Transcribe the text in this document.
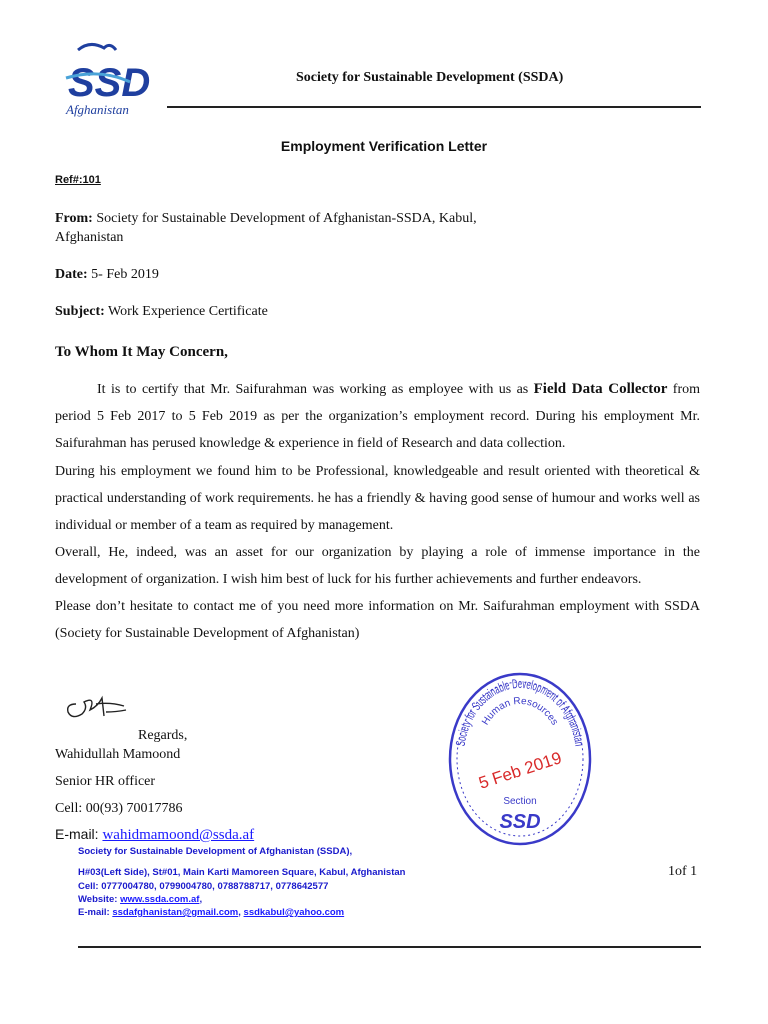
SSD
Afghanistan
Society for Sustainable Development (SSDA)
Employment Verification Letter
Ref#:101
From: Society for Sustainable Development of Afghanistan-SSDA, Kabul,
Afghanistan
Date: 5- Feb 2019
Subject: Work Experience Certificate
To Whom It May Concern,
It is to certify that Mr. Saifurahman was working as employee with us as Field Data Collector from period 5 Feb 2017 to 5 Feb 2019 as per the organization’s employment record. During his employment Mr. Saifurahman has perused knowledge & experience in field of Research and data collection.
During his employment we found him to be Professional, knowledgeable and result oriented with theoretical & practical understanding of work requirements. he has a friendly & having good sense of humour and works well as individual or member of a team as required by management.
Overall, He, indeed, was an asset for our organization by playing a role of immense importance in the development of organization. I wish him best of luck for his further achievements and further endeavors.
Please don’t hesitate to contact me of you need more information on Mr. Saifurahman employment with SSDA (Society for Sustainable Development of Afghanistan)
Regards,
Wahidullah Mamoond
Senior HR officer
Cell: 00(93) 70017786
E-mail: wahidmamoond@ssda.af
Society for Sustainable Development of Afghanistan
Human Resources
5 Feb 2019
Section
SSD
Society for Sustainable Development of Afghanistan (SSDA),
H#03(Left Side), St#01, Main Karti Mamoreen Square, Kabul, Afghanistan
Cell: 0777004780, 0799004780, 0788788717, 0778642577
Website: www.ssda.com.af,
E-mail: ssdafghanistan@gmail.com, ssdkabul@yahoo.com
1of 1
